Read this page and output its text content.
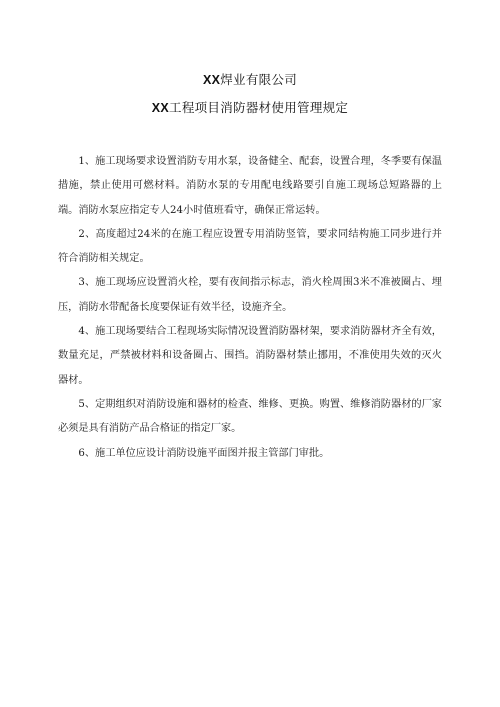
XX焊业有限公司
XX工程项目消防器材使用管理规定

1、施工现场要求设置消防专用水泵，设备健全、配套，设置合理，冬季要有保温措施，禁止使用可燃材料。消防水泵的专用配电线路要引自施工现场总短路器的上端。消防水泵应指定专人24小时值班看守，确保正常运转。

2、高度超过24米的在施工程应设置专用消防竖管，要求同结构施工同步进行并符合消防相关规定。

3、施工现场应设置消火栓，要有夜间指示标志，消火栓周围3米不准被圈占、埋压，消防水带配备长度要保证有效半径，设施齐全。

4、施工现场要结合工程现场实际情况设置消防器材架，要求消防器材齐全有效，数量充足，严禁被材料和设备圈占、围挡。消防器材禁止挪用，不准使用失效的灭火器材。

5、定期组织对消防设施和器材的检查、维修、更换。购置、维修消防器材的厂家必须是具有消防产品合格证的指定厂家。

6、施工单位应设计消防设施平面图并报主管部门审批。
